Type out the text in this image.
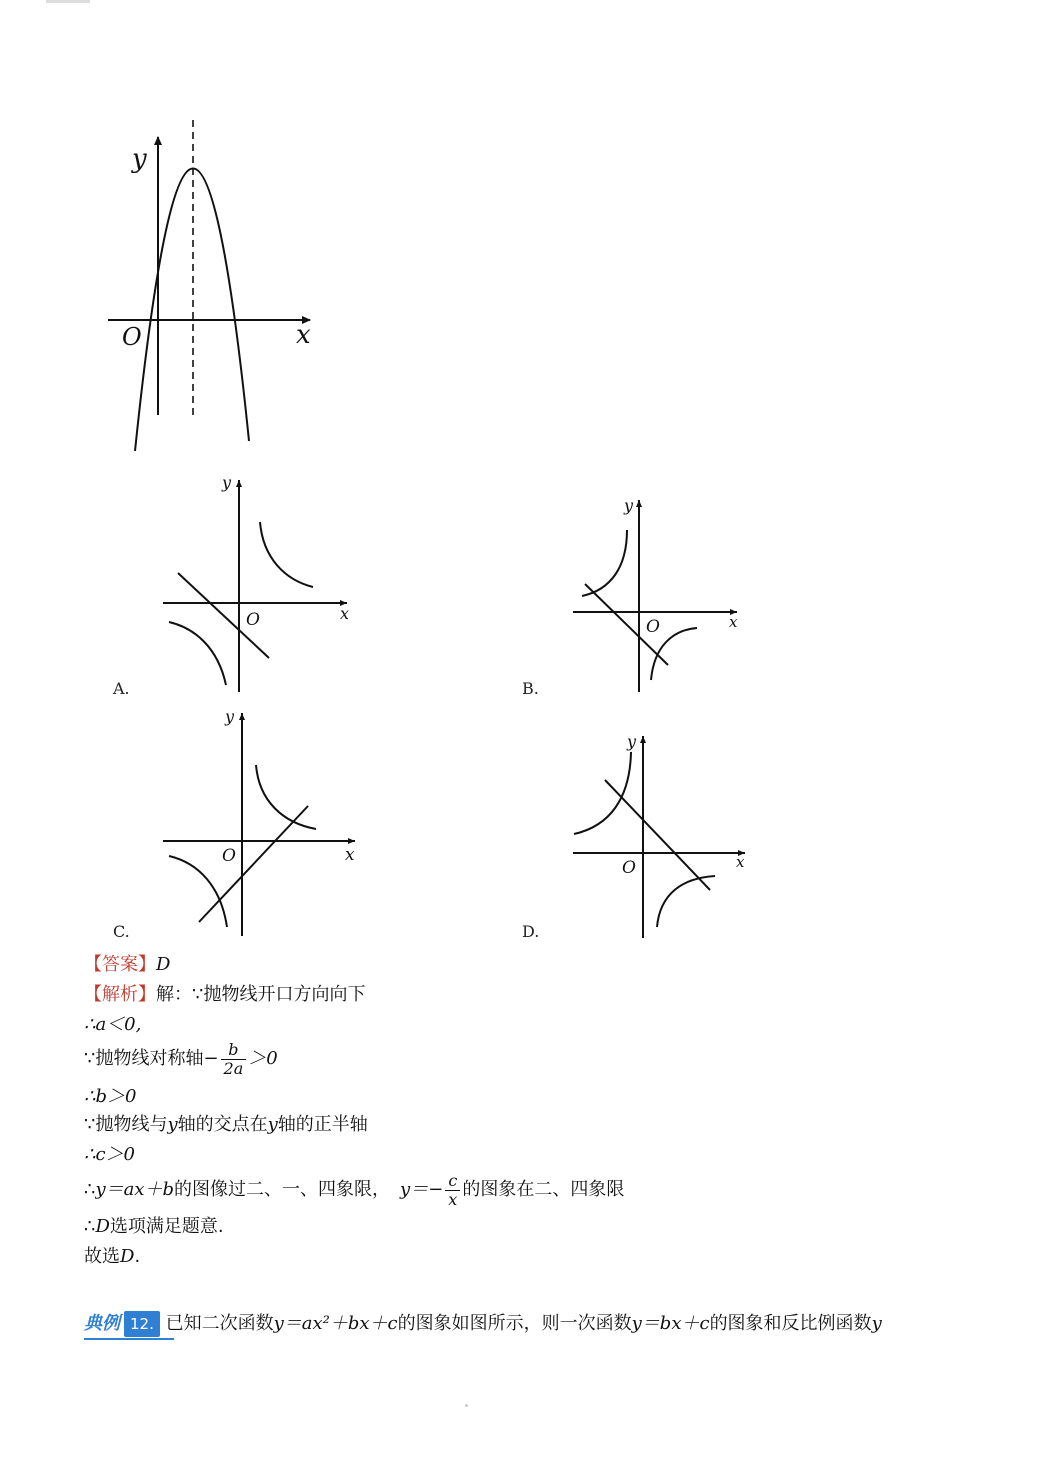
y
x
O
y
x
O
A.
y
x
O
B.
y
x
O
C.
y
x
O
D.
【答案】D
【解析】解：∵抛物线开口方向向下
∴a＜0,
∵抛物线对称轴− $\frac{b}{2a} >0$
∴b＞0
∵抛物线与y轴的交点在y轴的正半轴
∴c＞0
∴y＝ax＋b的图像过二、一、四象限， $y=- \frac{c}{x}$ 的图象在二、四象限
∴D选项满足题意.
故选D.
典例 12. 已知二次函数y＝ax²＋bx＋c的图象如图所示，则一次函数y＝bx＋c的图象和反比例函数y
